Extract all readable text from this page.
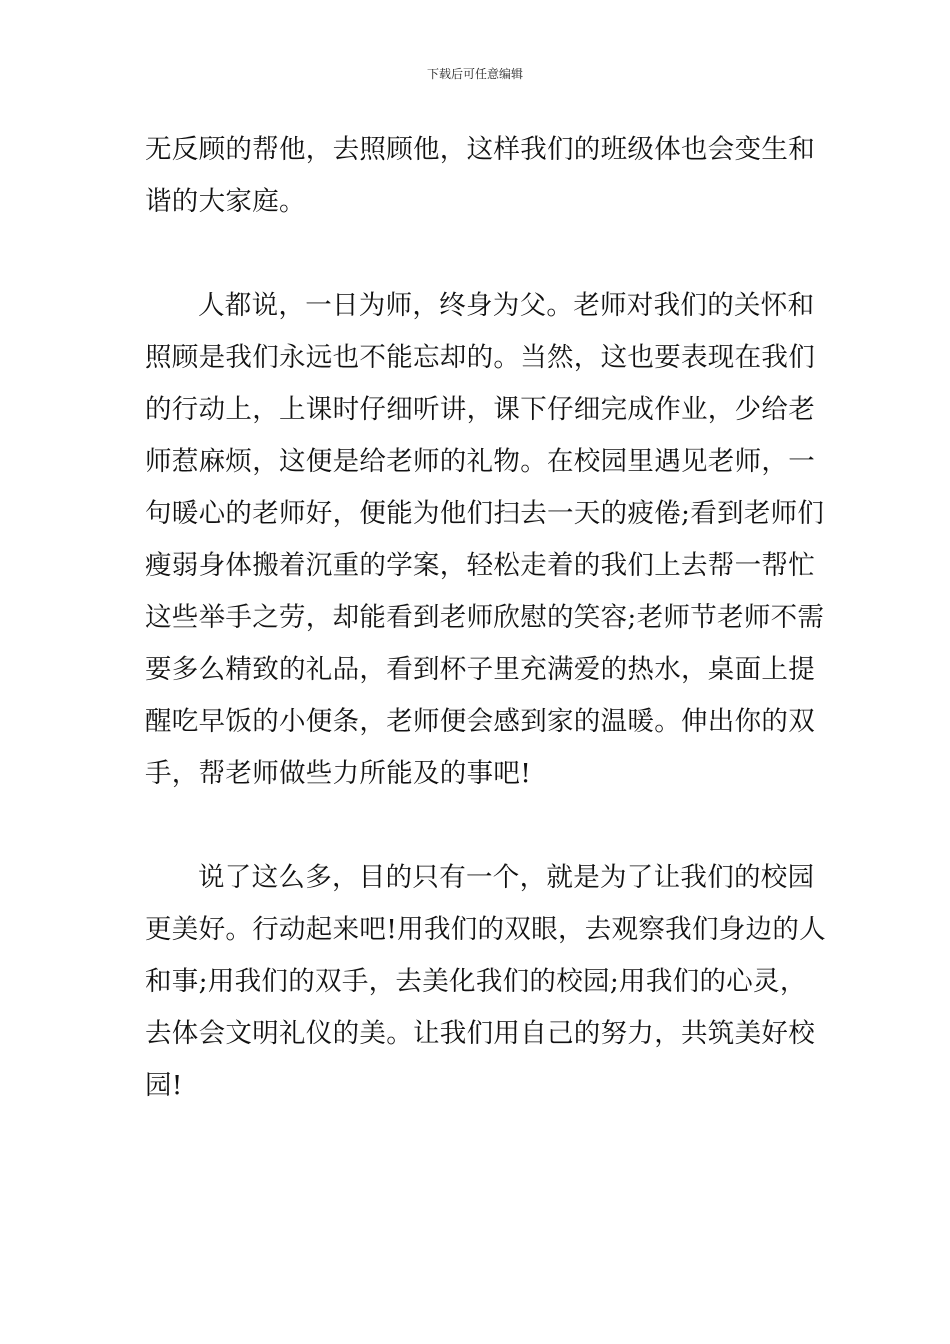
下载后可任意编辑
无反顾的帮他，去照顾他，这样我们的班级体也会变生和
谐的大家庭。
人都说，一日为师，终身为父。老师对我们的关怀和
照顾是我们永远也不能忘却的。当然，这也要表现在我们
的行动上，上课时仔细听讲，课下仔细完成作业，少给老
师惹麻烦，这便是给老师的礼物。在校园里遇见老师，一
句暖心的老师好，便能为他们扫去一天的疲倦;看到老师们
瘦弱身体搬着沉重的学案，轻松走着的我们上去帮一帮忙
这些举手之劳，却能看到老师欣慰的笑容;老师节老师不需
要多么精致的礼品，看到杯子里充满爱的热水，桌面上提
醒吃早饭的小便条，老师便会感到家的温暖。伸出你的双
手，帮老师做些力所能及的事吧!
说了这么多，目的只有一个，就是为了让我们的校园
更美好。行动起来吧!用我们的双眼，去观察我们身边的人
和事;用我们的双手，去美化我们的校园;用我们的心灵，
去体会文明礼仪的美。让我们用自己的努力，共筑美好校
园!
